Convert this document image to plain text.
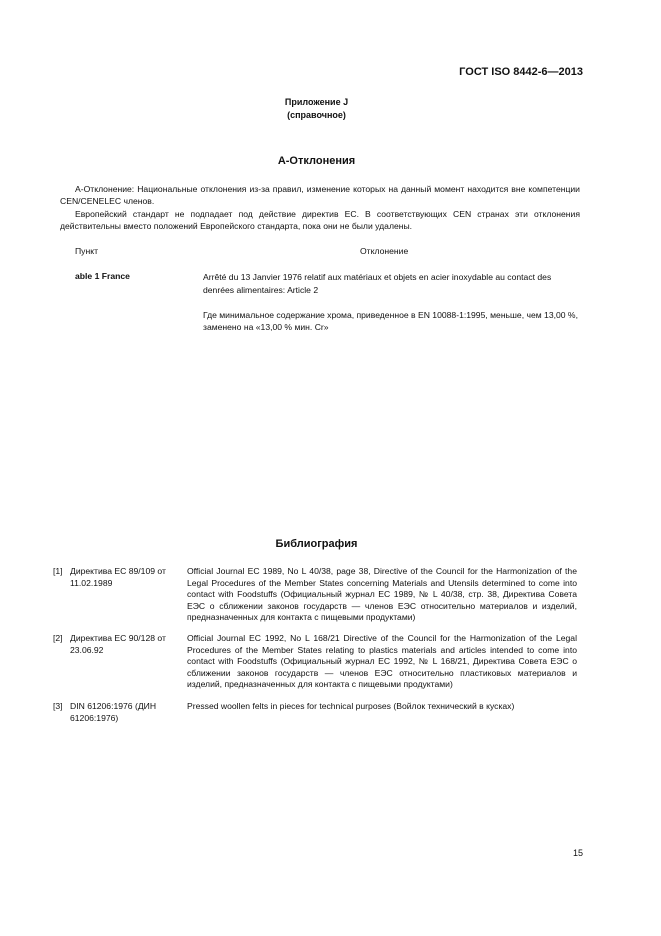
ГОСТ ISO 8442-6—2013
Приложение J
(справочное)
А-Отклонения
А-Отклонение: Национальные отклонения из-за правил, изменение которых на данный момент находится вне компетенции CEN/CENELEC членов.
Европейский стандарт не подпадает под действие директив ЕС. В соответствующих CEN странах эти отклонения действительны вместо положений Европейского стандарта, пока они не были удалены.
Пункт	Отклонение
able 1 France	Arrêté du 13 Janvier 1976 relatif aux matériaux et objets en acier inoxydable au contact des denrées alimentaires: Article 2
Где минимальное содержание хрома, приведенное в EN 10088-1:1995, меньше, чем 13,00 %, заменено на «13,00 % мин. Cr»
Библиография
[1] Директива ЕС 89/109 от 11.02.1989
Official Journal EC 1989, No L 40/38, page 38, Directive of the Council for the Harmonization of the Legal Procedures of the Member States concerning Materials and Utensils determined to come into contact with Foodstuffs (Официальный журнал ЕС 1989, № L 40/38, стр. 38, Директива Совета ЕЭС о сближении законов государств — членов ЕЭС относительно материалов и изделий, предназначенных для контакта с пищевыми продуктами)
[2] Директива ЕС 90/128 от 23.06.92
Official Journal EC 1992, No L 168/21 Directive of the Council for the Harmonization of the Legal Procedures of the Member States relating to plastics materials and articles intended to come into contact with Foodstuffs (Официальный журнал ЕС 1992, № L 168/21, Директива Совета ЕЭС о сближении законов государств — членов ЕЭС относительно пластиковых материалов и изделий, предназначенных для контакта с пищевыми продуктами)
[3] DIN 61206:1976 (ДИН 61206:1976)
Pressed woollen felts in pieces for technical purposes (Войлок технический в кусках)
15
